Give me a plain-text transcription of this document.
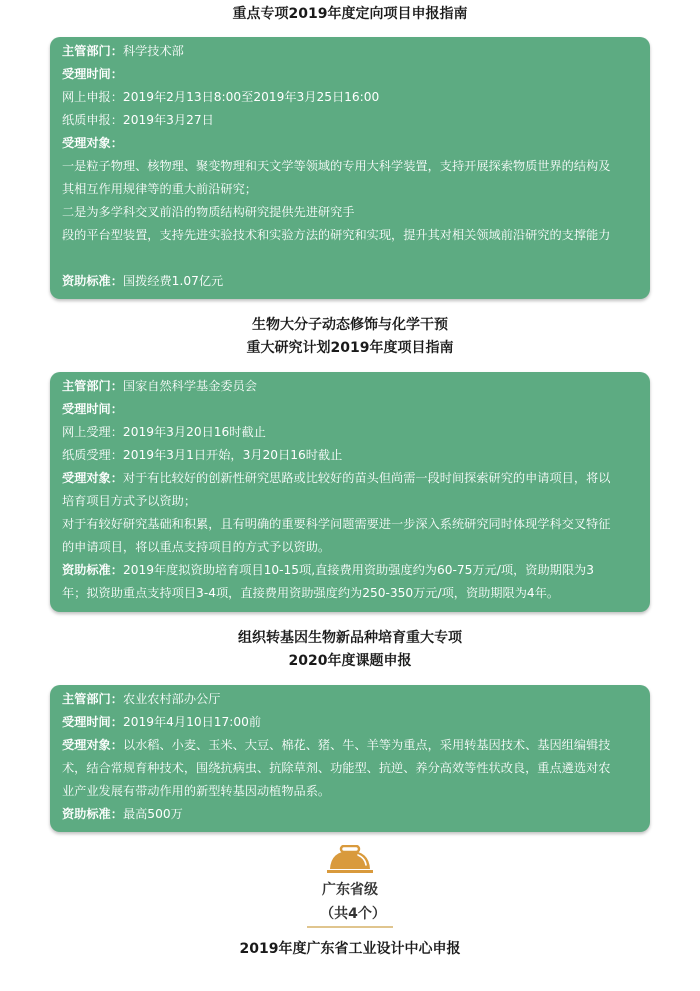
重点专项2019年度定向项目申报指南
主管部门：科学技术部
受理时间：
网上申报：2019年2月13日8:00至2019年3月25日16:00
纸质申报：2019年3月27日
受理对象：
一是粒子物理、核物理、聚变物理和天文学等领域的专用大科学装置，支持开展探索物质世界的结构及
其相互作用规律等的重大前沿研究；
二是为多学科交叉前沿的物质结构研究提供先进研究手
段的平台型装置，支持先进实验技术和实验方法的研究和实现，提升其对相关领域前沿研究的支撑能力
资助标准：国拨经费1.07亿元
生物大分子动态修饰与化学干预
重大研究计划2019年度项目指南
主管部门：国家自然科学基金委员会
受理时间：
网上受理：2019年3月20日16时截止
纸质受理：2019年3月1日开始，3月20日16时截止
受理对象：对于有比较好的创新性研究思路或比较好的苗头但尚需一段时间探索研究的申请项目，将以
培育项目方式予以资助；
对于有较好研究基础和积累，且有明确的重要科学问题需要进一步深入系统研究同时体现学科交叉特征
的申请项目，将以重点支持项目的方式予以资助。
资助标准：2019年度拟资助培育项目10-15项,直接费用资助强度约为60-75万元/项，资助期限为3
年；拟资助重点支持项目3-4项，直接费用资助强度约为250-350万元/项，资助期限为4年。
组织转基因生物新品种培育重大专项
2020年度课题申报
主管部门：农业农村部办公厅
受理时间：2019年4月10日17:00前
受理对象：以水稻、小麦、玉米、大豆、棉花、猪、牛、羊等为重点，采用转基因技术、基因组编辑技
术，结合常规育种技术，围绕抗病虫、抗除草剂、功能型、抗逆、养分高效等性状改良，重点遴选对农
业产业发展有带动作用的新型转基因动植物品系。
资助标准：最高500万
广东省级
（共4个）
2019年度广东省工业设计中心申报
